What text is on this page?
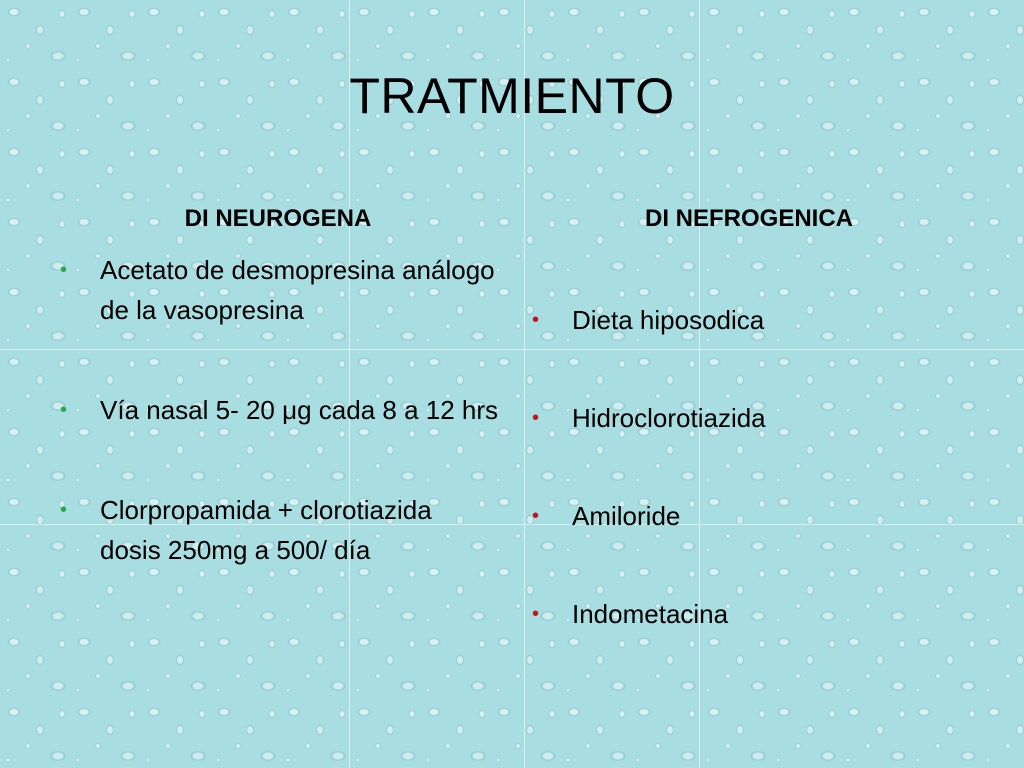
TRATMIENTO
DI NEUROGENA	DI NEFROGENICA
• Acetato de desmopresina análogo de la vasopresina
• Vía nasal 5- 20 μg cada 8 a 12 hrs
• Clorpropamida + clorotiazida dosis 250mg a 500/ día
• Dieta hiposodica
• Hidroclorotiazida
• Amiloride
• Indometacina
